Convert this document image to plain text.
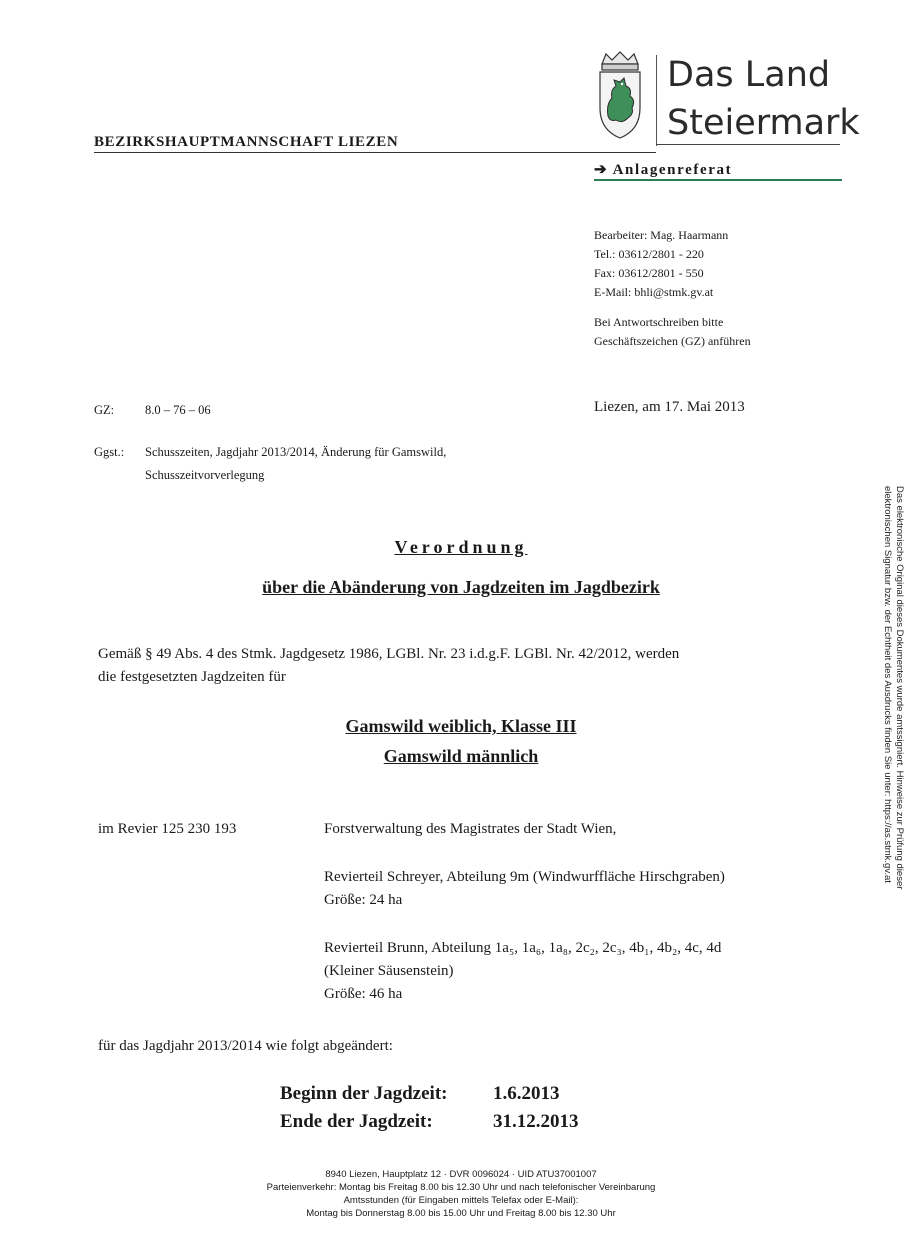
BEZIRKSHAUPTMANNSCHAFT LIEZEN
Das Land
Steiermark
➔ Anlagenreferat
Bearbeiter: Mag. Haarmann
Tel.: 03612/2801 - 220
Fax: 03612/2801 - 550
E-Mail: bhli@stmk.gv.at
Bei Antwortschreiben bitte
Geschäftszeichen (GZ) anführen
GZ: 8.0 – 76 – 06	Liezen, am 17. Mai 2013
Ggst.: Schusszeiten, Jagdjahr 2013/2014, Änderung für Gamswild,
Schusszeitvorverlegung
Verordnung
über die Abänderung von Jagdzeiten im Jagdbezirk
Gemäß § 49 Abs. 4 des Stmk. Jagdgesetz 1986, LGBl. Nr. 23 i.d.g.F. LGBl. Nr. 42/2012, werden
die festgesetzten Jagdzeiten für
Gamswild weiblich, Klasse III
Gamswild männlich
im Revier 125 230 193	Forstverwaltung des Magistrates der Stadt Wien,
Revierteil Schreyer, Abteilung 9m (Windwurffläche Hirschgraben)
Größe: 24 ha
Revierteil Brunn, Abteilung 1a₅, 1a₆, 1a₈, 2c₂, 2c₃, 4b₁, 4b₂, 4c, 4d
(Kleiner Säusenstein)
Größe: 46 ha
für das Jagdjahr 2013/2014 wie folgt abgeändert:
Beginn der Jagdzeit: 1.6.2013
Ende der Jagdzeit:	31.12.2013
8940 Liezen, Hauptplatz 12 · DVR 0096024 · UID ATU37001007
Parteienverkehr: Montag bis Freitag 8.00 bis 12.30 Uhr und nach telefonischer Vereinbarung
Amtsstunden (für Eingaben mittels Telefax oder E-Mail):
Montag bis Donnerstag 8.00 bis 15.00 Uhr und Freitag 8.00 bis 12.30 Uhr
Das elektronische Original dieses Dokumentes wurde amtssigniert. Hinweise zur Prüfung dieser
elektronischen Signatur bzw. der Echtheit des Ausdrucks finden Sie unter: https://as.stmk.gv.at
